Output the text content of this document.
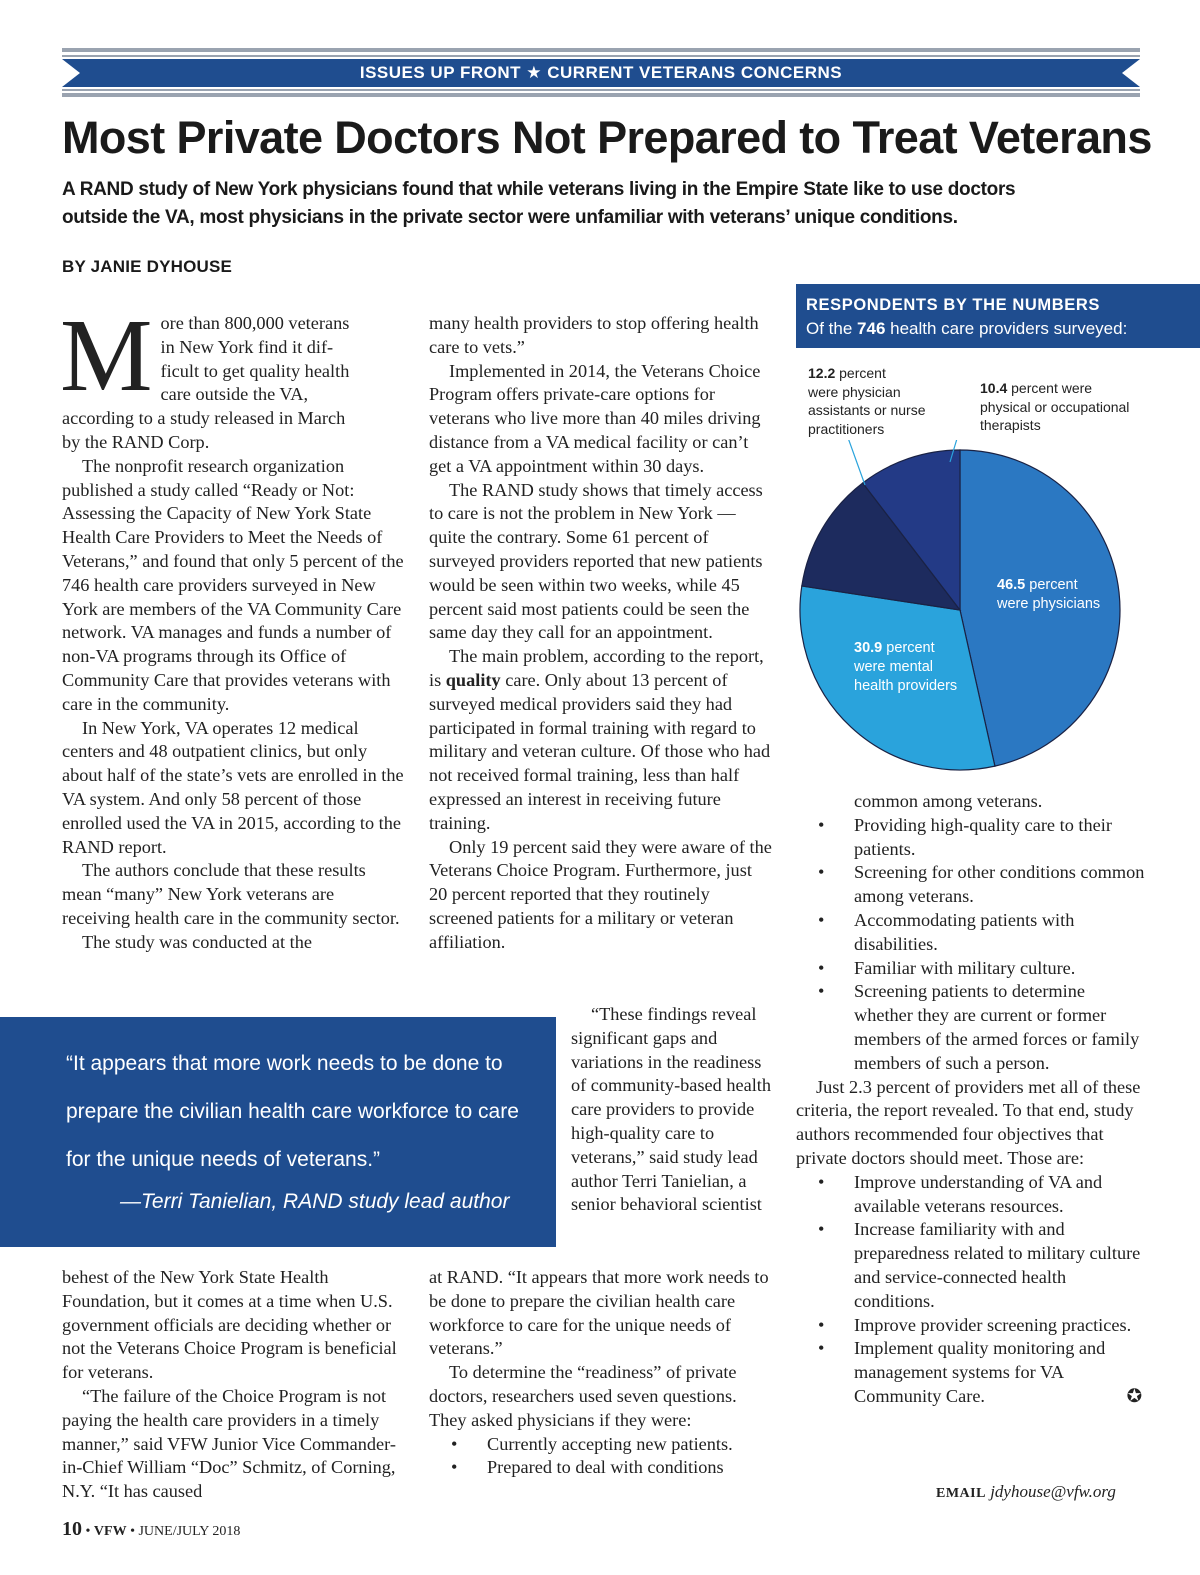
ISSUES UP FRONT ★ CURRENT VETERANS CONCERNS
Most Private Doctors Not Prepared to Treat Veterans
A RAND study of New York physicians found that while veterans living in the Empire State like to use doctors outside the VA, most physicians in the private sector were unfamiliar with veterans’ unique conditions.
BY JANIE DYHOUSE
M ore than 800,000 veterans
in New York find it dif-
ficult to get quality health
care outside the VA,
according to a study released in March
by the RAND Corp.

The nonprofit research organization published a study called “Ready or Not: Assessing the Capacity of New York State Health Care Providers to Meet the Needs of Veterans,” and found that only 5 percent of the 746 health care providers surveyed in New York are members of the VA Community Care network. VA manages and funds a number of non-VA programs through its Office of Community Care that provides veterans with care in the community.

In New York, VA operates 12 medical centers and 48 outpatient clinics, but only about half of the state’s vets are enrolled in the VA system. And only 58 percent of those enrolled used the VA in 2015, according to the RAND report.

The authors conclude that these results mean “many” New York veterans are receiving health care in the community sector.

The study was conducted at the

behest of the New York State Health Foundation, but it comes at a time when U.S. government officials are deciding whether or not the Veterans Choice Program is beneficial for veterans.

“The failure of the Choice Program is not paying the health care providers in a timely manner,” said VFW Junior Vice Commander-in-Chief William “Doc” Schmitz, of Corning, N.Y. “It has caused

many health providers to stop offering health care to vets.”

Implemented in 2014, the Veterans Choice Program offers private-care options for veterans who live more than 40 miles driving distance from a VA medical facility or can’t get a VA appointment within 30 days.

The RAND study shows that timely access to care is not the problem in New York — quite the contrary. Some 61 percent of surveyed providers reported that new patients would be seen within two weeks, while 45 percent said most patients could be seen the same day they call for an appointment.

The main problem, according to the report, is quality care. Only about 13 percent of surveyed medical providers said they had participated in formal training with regard to military and veteran culture. Of those who had not received formal training, less than half expressed an interest in receiving future training.

Only 19 percent said they were aware of the Veterans Choice Program. Furthermore, just 20 percent reported that they routinely screened patients for a military or veteran affiliation.

“These findings reveal significant gaps and variations in the readiness of community-based health care providers to provide high-quality care to veterans,” said study lead author Terri Tanielian, a senior behavioral scientist

at RAND. “It appears that more work needs to be done to prepare the civilian health care workforce to care for the unique needs of veterans.”

To determine the “readiness” of private doctors, researchers used seven questions. They asked physicians if they were:

• Currently accepting new patients.
• Prepared to deal with conditions
“It appears that more work needs to be done to prepare the civilian health care workforce to care for the unique needs of veterans.”
—Terri Tanielian, RAND study lead author
RESPONDENTS BY THE NUMBERS
Of the 746 health care providers surveyed:
12.2 percent
were physician assistants or nurse practitioners
10.4 percent were
physical or occupational therapists
46.5 percent
were physicians
30.9 percent
were mental health providers
common among veterans.
• Providing high-quality care to their patients.
• Screening for other conditions common among veterans.
• Accommodating patients with disabilities.
• Familiar with military culture.
• Screening patients to determine whether they are current or former members of the armed forces or family members of such a person.

Just 2.3 percent of providers met all of these criteria, the report revealed. To that end, study authors recommended four objectives that private doctors should meet. Those are:

• Improve understanding of VA and available veterans resources.
• Increase familiarity with and preparedness related to military culture and service-connected health conditions.
• Improve provider screening practices.
• Implement quality monitoring and management systems for VA Community Care.	✪
EMAIL jdyhouse@vfw.org
10 • VFW • JUNE/JULY 2018
